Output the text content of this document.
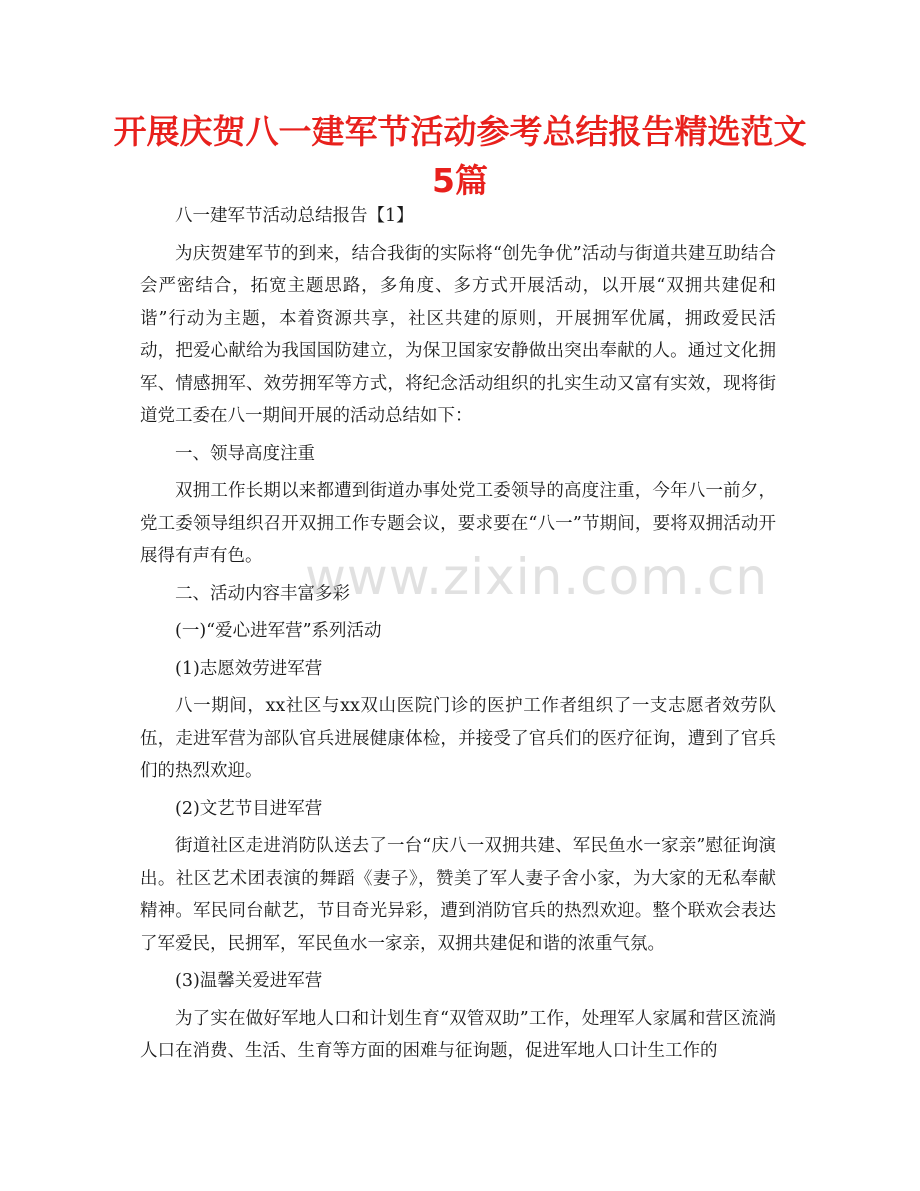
开展庆贺八一建军节活动参考总结报告精选范文
5篇

八一建军节活动总结报告【1】

为庆贺建军节的到来，结合我街的实际将“创先争优”活动与街道共建互助结合会严密结合，拓宽主题思路，多角度、多方式开展活动，以开展“双拥共建促和谐”行动为主题，本着资源共享，社区共建的原则，开展拥军优属，拥政爱民活动，把爱心献给为我国国防建立，为保卫国家安静做出突出奉献的人。通过文化拥军、情感拥军、效劳拥军等方式，将纪念活动组织的扎实生动又富有实效，现将街道党工委在八一期间开展的活动总结如下：

一、领导高度注重

双拥工作长期以来都遭到街道办事处党工委领导的高度注重，今年八一前夕，党工委领导组织召开双拥工作专题会议，要求要在“八一”节期间，要将双拥活动开展得有声有色。

二、活动内容丰富多彩

(一)“爱心进军营”系列活动

(1)志愿效劳进军营

八一期间，xx社区与xx双山医院门诊的医护工作者组织了一支志愿者效劳队伍，走进军营为部队官兵进展健康体检，并接受了官兵们的医疗征询，遭到了官兵们的热烈欢迎。

(2)文艺节目进军营

街道社区走进消防队送去了一台“庆八一双拥共建、军民鱼水一家亲”慰征询演出。社区艺术团表演的舞蹈《妻子》，赞美了军人妻子舍小家，为大家的无私奉献精神。军民同台献艺，节目奇光异彩，遭到消防官兵的热烈欢迎。整个联欢会表达了军爱民，民拥军，军民鱼水一家亲，双拥共建促和谐的浓重气氛。

(3)温馨关爱进军营

为了实在做好军地人口和计划生育“双管双助”工作，处理军人家属和营区流淌人口在消费、生活、生育等方面的困难与征询题，促进军地人口计生工作的

www.zixin.com.cn
